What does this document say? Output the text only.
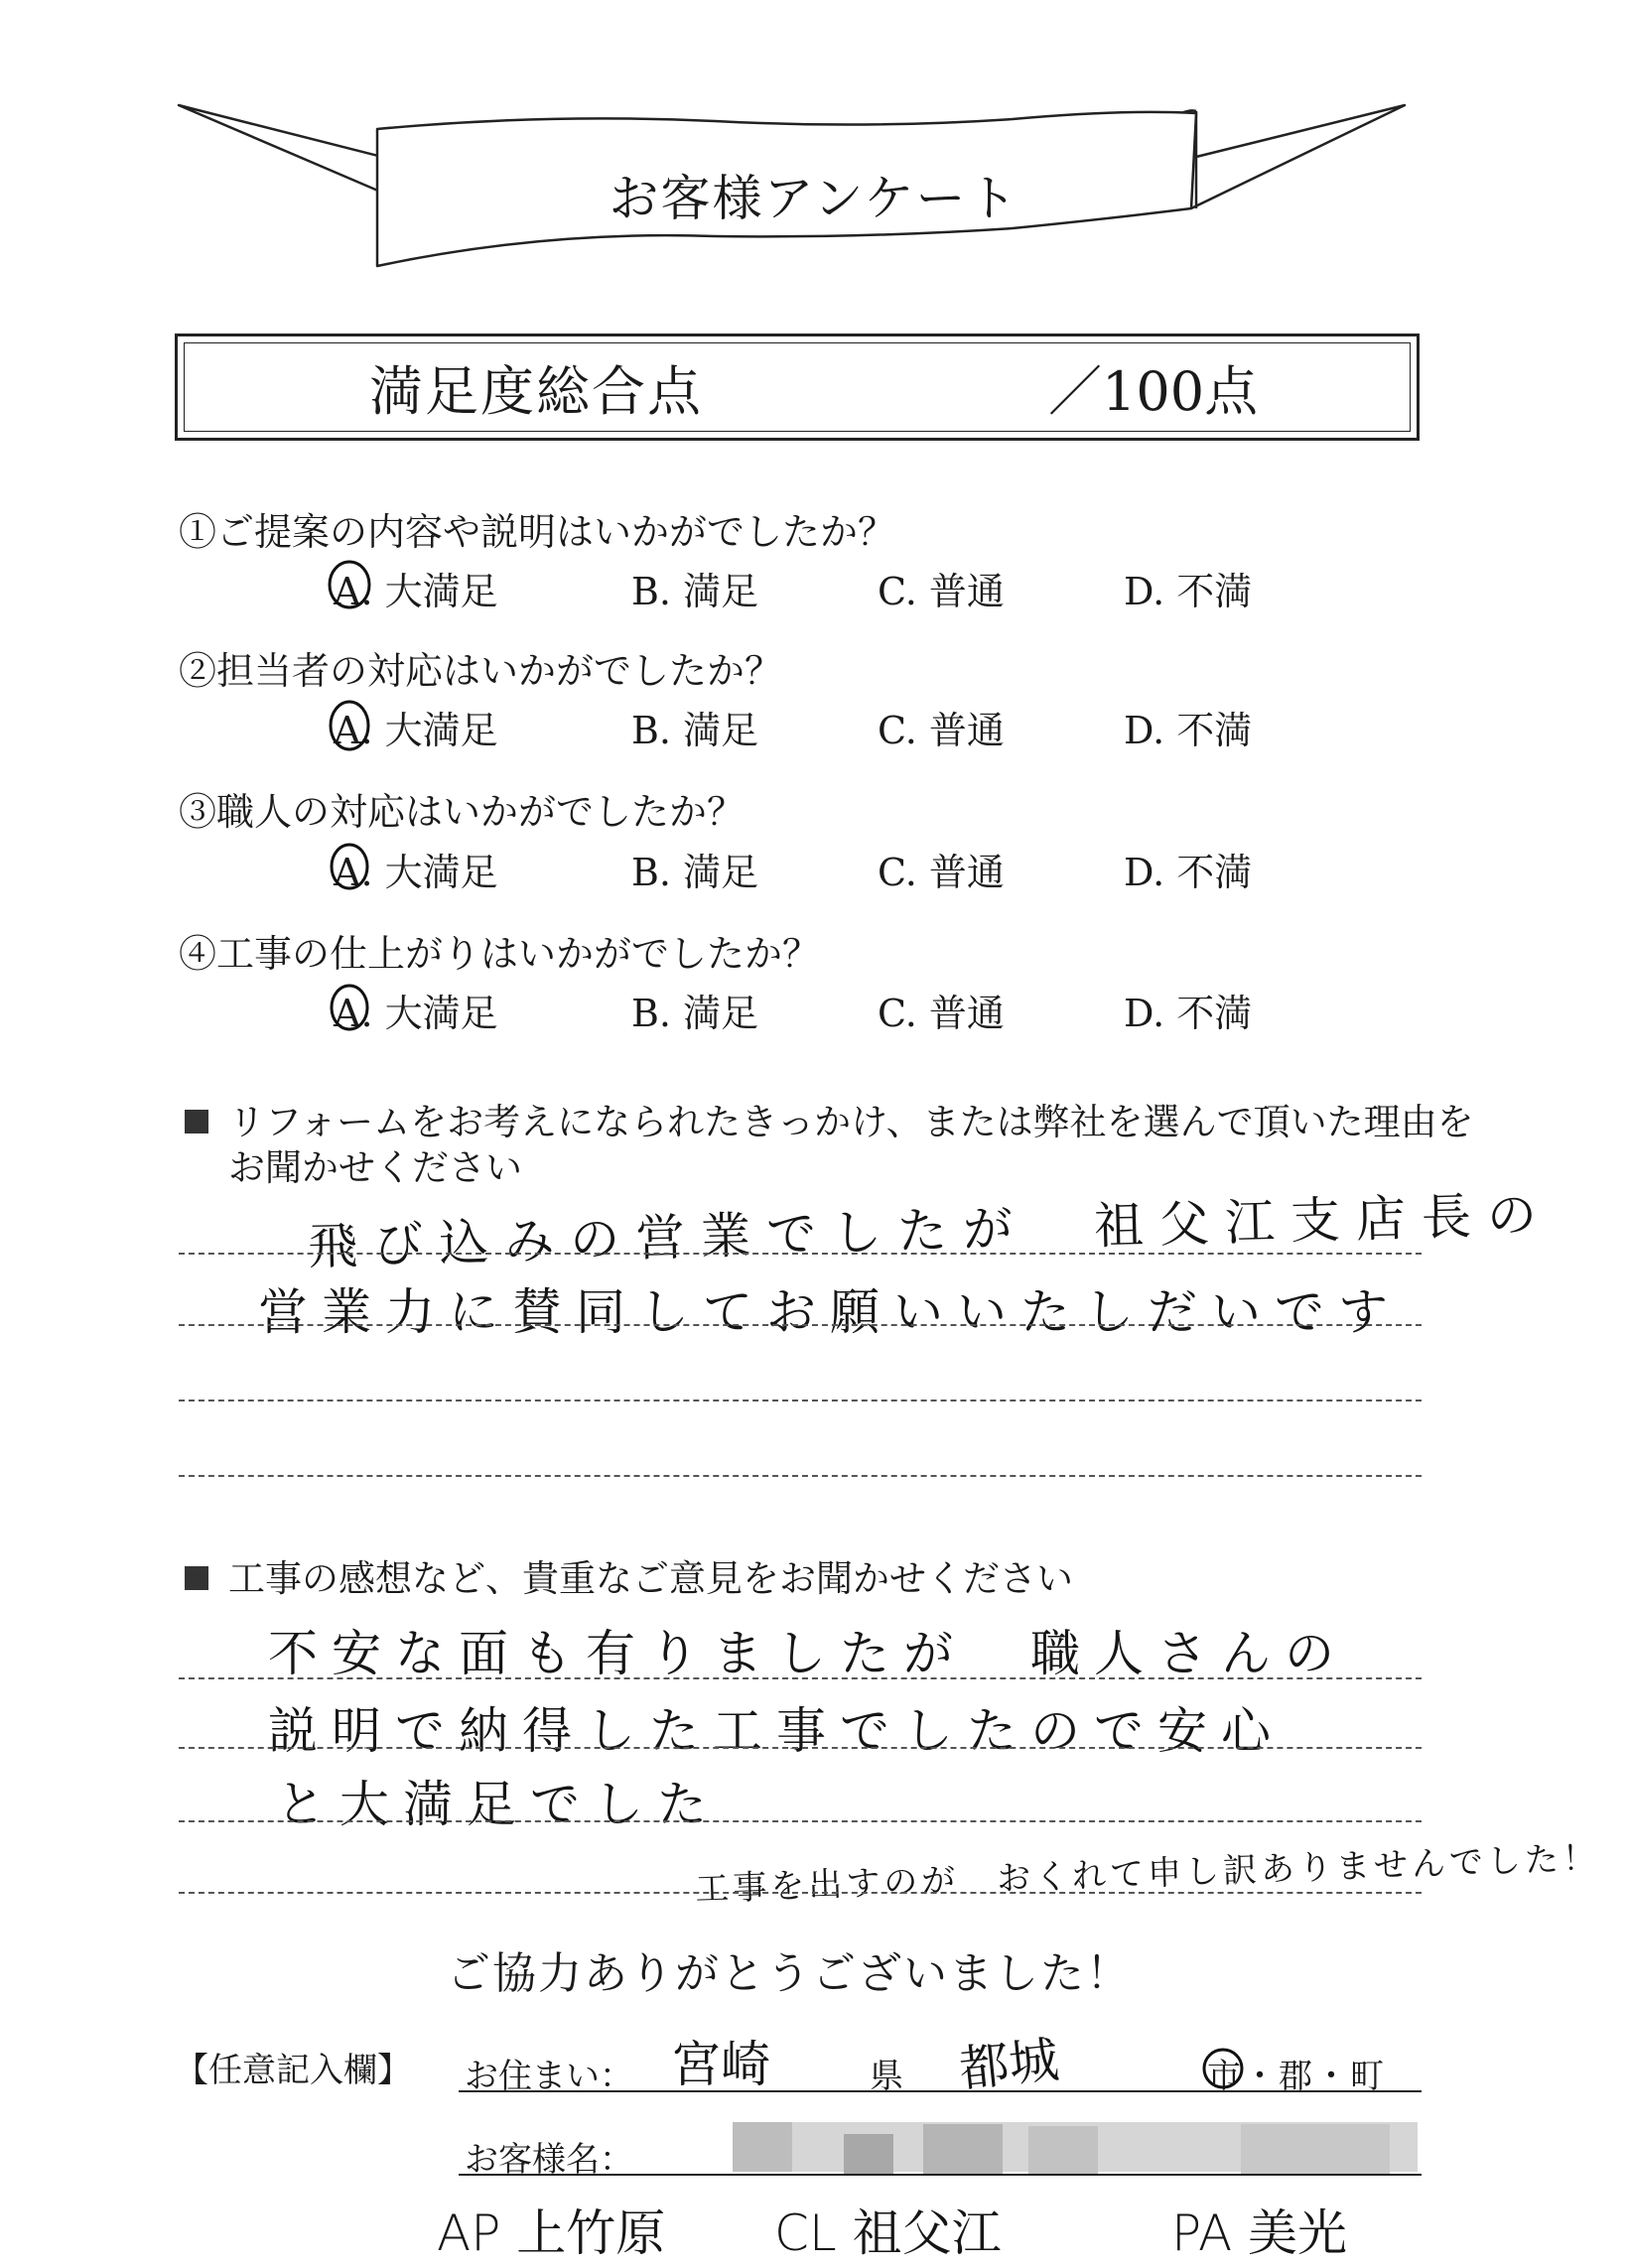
お客様アンケート
満足度総合点	／100点
①ご提案の内容や説明はいかがでしたか？
A. 大満足	B. 満足	C. 普通	D. 不満
②担当者の対応はいかがでしたか？
A. 大満足	B. 満足	C. 普通	D. 不満
③職人の対応はいかがでしたか？
A. 大満足	B. 満足	C. 普通	D. 不満
④工事の仕上がりはいかがでしたか？
A. 大満足	B. 満足	C. 普通	D. 不満
リフォームをお考えになられたきっかけ、または弊社を選んで頂いた理由を
お聞かせください
飛び込みの営業でしたが　祖父江支店長の
営業力に賛同してお願いいたしだいです
工事の感想など、貴重なご意見をお聞かせください
不安な面も有りましたが　職人さんの
説明で納得した工事でしたので安心
と大満足でした
工事を出すのが　おくれて申し訳ありませんでした！
ご協力ありがとうございました！
【任意記入欄】 お住まい： 宮崎	県 都城	市・郡・町
お客様名：
AP 上竹原 CL 祖父江	PA 美光
